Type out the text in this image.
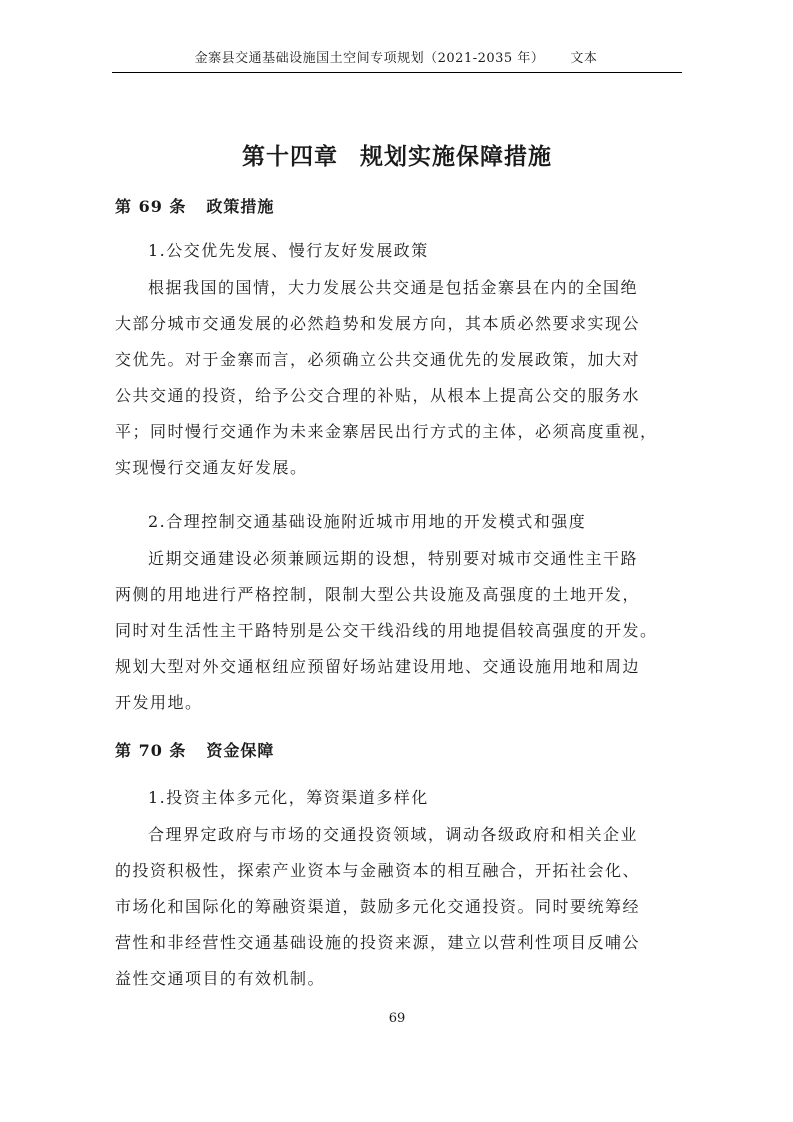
金寨县交通基础设施国土空间专项规划（2021-2035 年） 文本
第十四章 规划实施保障措施
第 69 条 政策措施
1.公交优先发展、慢行友好发展政策
根据我国的国情，大力发展公共交通是包括金寨县在内的全国绝
大部分城市交通发展的必然趋势和发展方向，其本质必然要求实现公
交优先。对于金寨而言，必须确立公共交通优先的发展政策，加大对
公共交通的投资，给予公交合理的补贴，从根本上提高公交的服务水
平；同时慢行交通作为未来金寨居民出行方式的主体，必须高度重视，
实现慢行交通友好发展。
2.合理控制交通基础设施附近城市用地的开发模式和强度
近期交通建设必须兼顾远期的设想，特别要对城市交通性主干路
两侧的用地进行严格控制，限制大型公共设施及高强度的土地开发，
同时对生活性主干路特别是公交干线沿线的用地提倡较高强度的开发。
规划大型对外交通枢纽应预留好场站建设用地、交通设施用地和周边
开发用地。
第 70 条 资金保障
1.投资主体多元化，筹资渠道多样化
合理界定政府与市场的交通投资领域，调动各级政府和相关企业
的投资积极性，探索产业资本与金融资本的相互融合，开拓社会化、
市场化和国际化的筹融资渠道，鼓励多元化交通投资。同时要统筹经
营性和非经营性交通基础设施的投资来源，建立以营利性项目反哺公
益性交通项目的有效机制。
69
